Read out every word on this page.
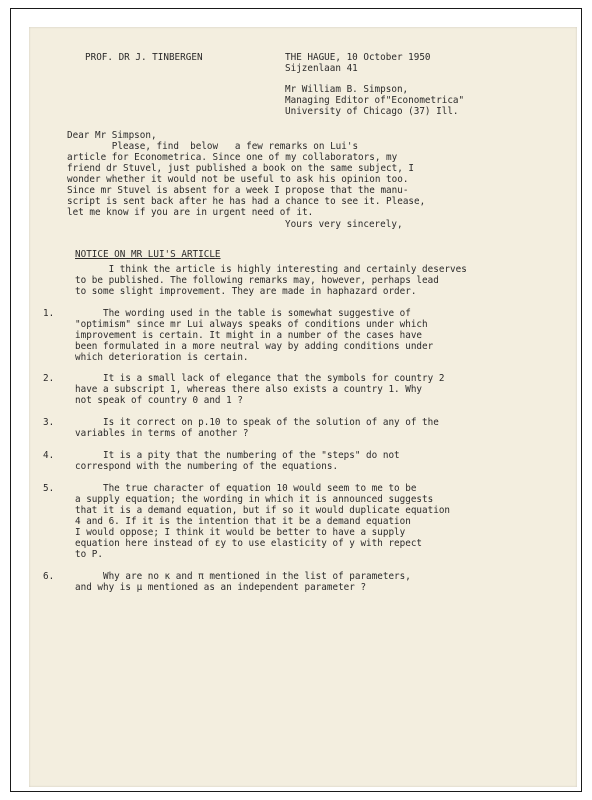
PROF. DR J. TINBERGEN	THE HAGUE, 10 October 1950
Sijzenlaan 41
Mr William B. Simpson,
Managing Editor of"Econometrica"
University of Chicago (37) Ill.
Dear Mr Simpson,
Please, find  below   a few remarks on Lui's
article for Econometrica. Since one of my collaborators, my
friend dr Stuvel, just published a book on the same subject, I
wonder whether it would not be useful to ask his opinion too.
Since mr Stuvel is absent for a week I propose that the manu-
script is sent back after he has had a chance to see it. Please,
let me know if you are in urgent need of it.
Yours very sincerely,
NOTICE ON MR LUI'S ARTICLE
I think the article is highly interesting and certainly deserves
to be published. The following remarks may, however, perhaps lead
to some slight improvement. They are made in haphazard order.
1. The wording used in the table is somewhat suggestive of
"optimism" since mr Lui always speaks of conditions under which
improvement is certain. It might in a number of the cases have
been formulated in a more neutral way by adding conditions under
which deterioration is certain.
2. It is a small lack of elegance that the symbols for country 2
have a subscript 1, whereas there also exists a country 1. Why
not speak of country 0 and 1 ?
3. Is it correct on p.10 to speak of the solution of any of the
variables in terms of another ?
4. It is a pity that the numbering of the "steps" do not
correspond with the numbering of the equations.
5. The true character of equation 10 would seem to me to be
a supply equation; the wording in which it is announced suggests
that it is a demand equation, but if so it would duplicate equation
4 and 6. If it is the intention that it be a demand equation
I would oppose; I think it would be better to have a supply
equation here instead of εy to use elasticity of y with repect
to P.
6. Why are no κ and π mentioned in the list of parameters,
and why is μ mentioned as an independent parameter ?
